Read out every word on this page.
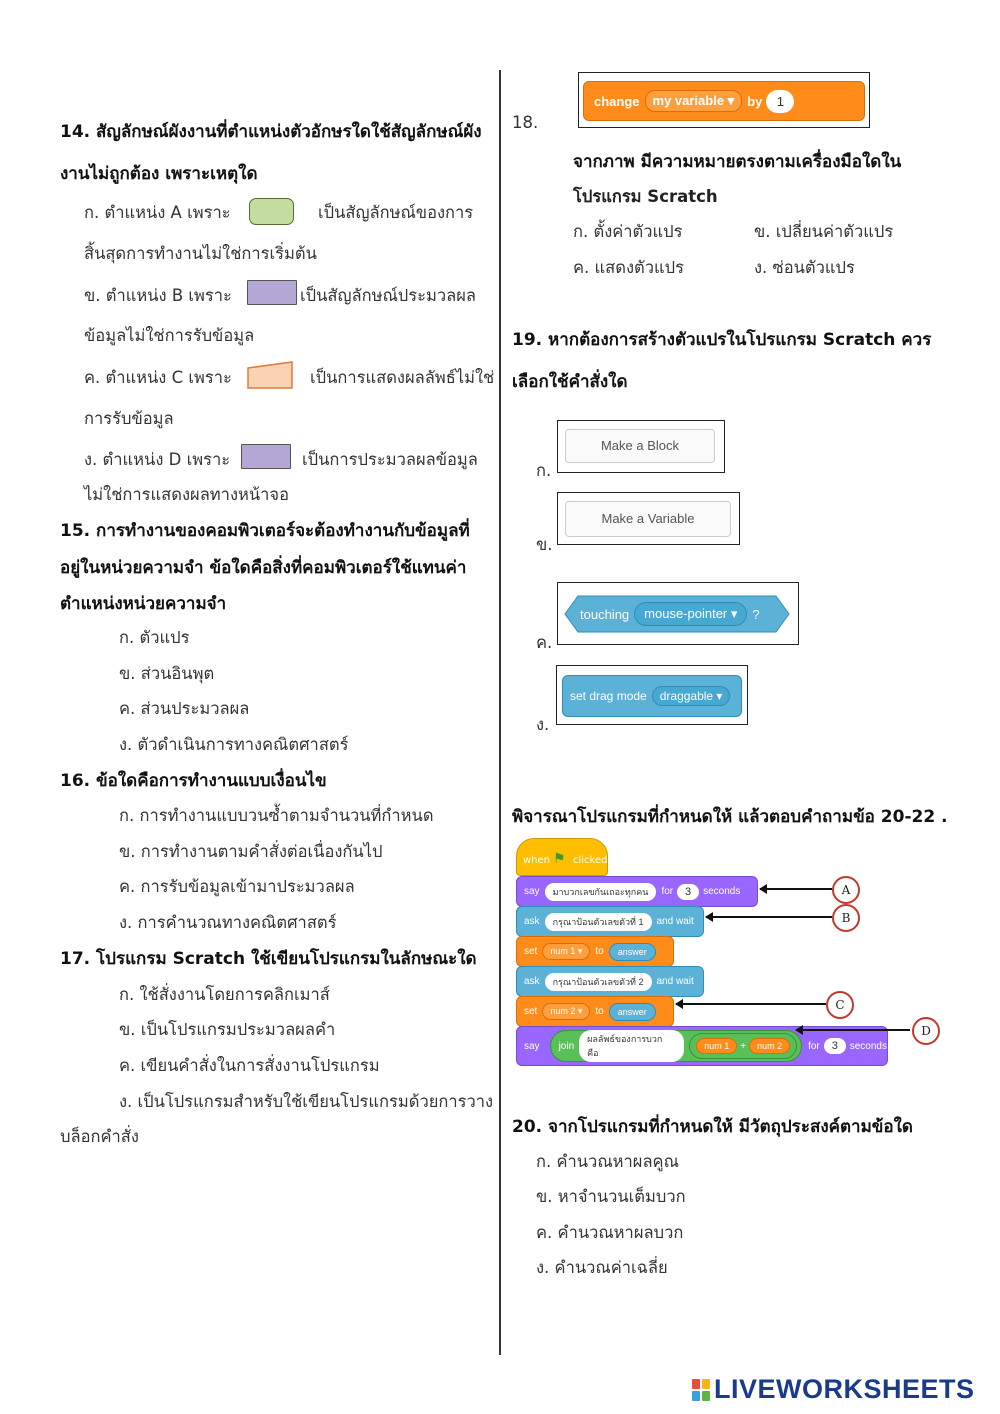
14. สัญลักษณ์ผังงานที่ตำแหน่งตัวอักษรใดใช้สัญลักษณ์ผัง
งานไม่ถูกต้อง เพราะเหตุใด
ก. ตำแหน่ง A เพราะ	เป็นสัญลักษณ์ของการ
สิ้นสุดการทำงานไม่ใช่การเริ่มต้น
ข. ตำแหน่ง B เพราะ	เป็นสัญลักษณ์ประมวลผล
ข้อมูลไม่ใช่การรับข้อมูล
ค. ตำแหน่ง C เพราะ	เป็นการแสดงผลลัพธ์ไม่ใช่
การรับข้อมูล
ง. ตำแหน่ง D เพราะ	เป็นการประมวลผลข้อมูล
ไม่ใช่การแสดงผลทางหน้าจอ
15. การทำงานของคอมพิวเตอร์จะต้องทำงานกับข้อมูลที่
อยู่ในหน่วยความจำ ข้อใดคือสิ่งที่คอมพิวเตอร์ใช้แทนค่า
ตำแหน่งหน่วยความจำ
ก. ตัวแปร
ข. ส่วนอินพุต
ค. ส่วนประมวลผล
ง. ตัวดำเนินการทางคณิตศาสตร์
16. ข้อใดคือการทำงานแบบเงื่อนไข
ก. การทำงานแบบวนซ้ำตามจำนวนที่กำหนด
ข. การทำงานตามคำสั่งต่อเนื่องกันไป
ค. การรับข้อมูลเข้ามาประมวลผล
ง. การคำนวณทางคณิตศาสตร์
17. โปรแกรม Scratch ใช้เขียนโปรแกรมในลักษณะใด
ก. ใช้สั่งงานโดยการคลิกเมาส์
ข. เป็นโปรแกรมประมวลผลคำ
ค. เขียนคำสั่งในการสั่งงานโปรแกรม
ง. เป็นโปรแกรมสำหรับใช้เขียนโปรแกรมด้วยการวาง
บล็อกคำสั่ง
18.
change	my variable ▾	by	1
จากภาพ มีความหมายตรงตามเครื่องมือใดใน
โปรแกรม Scratch
ก. ตั้งค่าตัวแปร	ข. เปลี่ยนค่าตัวแปร
ค. แสดงตัวแปร	ง. ซ่อนตัวแปร
19. หากต้องการสร้างตัวแปรในโปรแกรม Scratch ควร
เลือกใช้คำสั่งใด
ก.
Make a Block
ข.
Make a Variable
ค.
touching	mouse-pointer ▾	?
ง.
set drag mode	draggable ▾
พิจารณาโปรแกรมที่กำหนดให้ แล้วตอบคำถามข้อ 20-22 .
when ⚑ clicked
say	มาบวกเลขกันเถอะทุกคน	for	3	seconds
ask	กรุณาป้อนตัวเลขตัวที่ 1	and wait
set	num 1 ▾	to	answer
ask	กรุณาป้อนตัวเลขตัวที่ 2	and wait
set	num 2 ▾	to	answer
say join
ผลลัพธ์ของการบวก คือ
num 1	+	num 2	for	3	seconds
A
B
C
D
20. จากโปรแกรมที่กำหนดให้ มีวัตถุประสงค์ตามข้อใด
ก. คำนวณหาผลคูณ
ข. หาจำนวนเต็มบวก
ค. คำนวณหาผลบวก
ง. คำนวณค่าเฉลี่ย
LIVEWORKSHEETS
